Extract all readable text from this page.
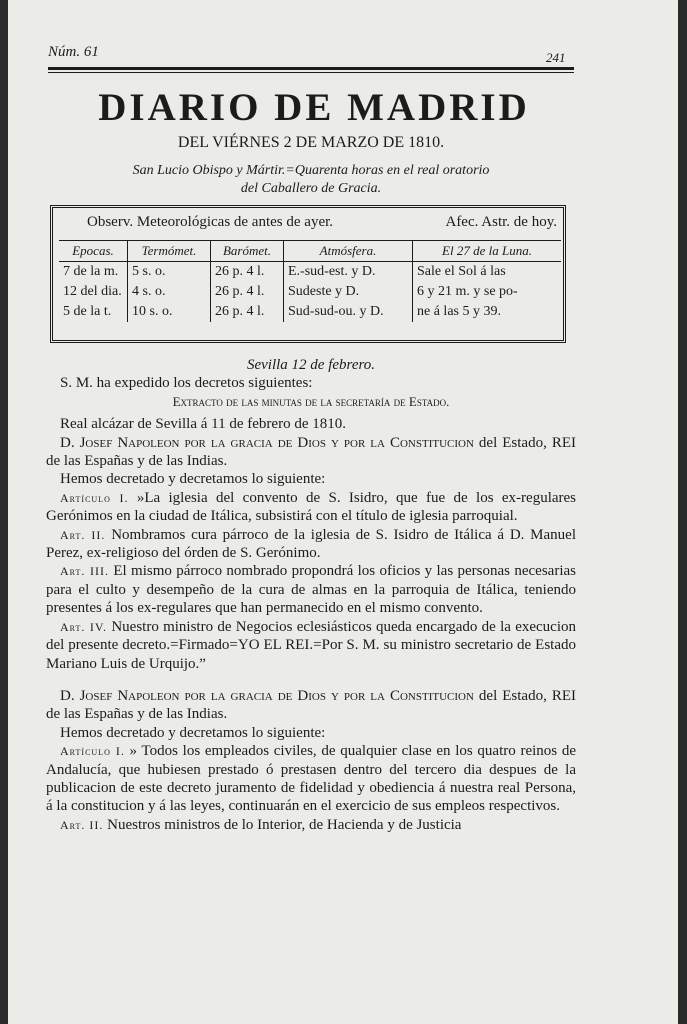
Núm. 61	241
DIARIO DE MADRID
DEL VIÉRNES 2 DE MARZO DE 1810.
San Lucio Obispo y Mártir.=Quarenta horas en el real oratorio
del Caballero de Gracia.
Observ. Meteorológicas de antes de ayer.	Afec. Astr. de hoy.
Epocas.	Termómet.	Barómet.	Atmósfera.	El 27 de la Luna.
7 de la m.	5 s. o.	26 p. 4 l.	E.-sud-est. y D.	Sale el Sol á las
12 del dia.	4 s. o.	26 p. 4 l.	Sudeste y D.	6 y 21 m. y se po-
5 de la t.	10 s. o.	26 p. 4 l.	Sud-sud-ou. y D.	ne á las 5 y 39.

Sevilla 12 de febrero.

S. M. ha expedido los decretos siguientes:

Extracto de las minutas de la secretaría de Estado.

Real alcázar de Sevilla á 11 de febrero de 1810.

D. Josef Napoleon por la gracia de Dios y por la Constitucion del Estado, REI de las Españas y de las Indias.

Hemos decretado y decretamos lo siguiente:

Artículo I. »La iglesia del convento de S. Isidro, que fue de los ex-regulares Gerónimos en la ciudad de Itálica, subsistirá con el título de iglesia parroquial.

Art. II. Nombramos cura párroco de la iglesia de S. Isidro de Itálica á D. Manuel Perez, ex-religioso del órden de S. Gerónimo.

Art. III. El mismo párroco nombrado propondrá los oficios y las personas necesarias para el culto y desempeño de la cura de almas en la parroquia de Itálica, teniendo presentes á los ex-regulares que han permanecido en el mismo convento.

Art. IV. Nuestro ministro de Negocios eclesiásticos queda encargado de la execucion del presente decreto.=Firmado=YO EL REI.=Por S. M. su ministro secretario de Estado Mariano Luis de Urquijo.”

D. Josef Napoleon por la gracia de Dios y por la Constitucion del Estado, REI de las Españas y de las Indias.

Hemos decretado y decretamos lo siguiente:

Artículo I. » Todos los empleados civiles, de qualquier clase en los quatro reinos de Andalucía, que hubiesen prestado ó prestasen dentro del tercero dia despues de la publicacion de este decreto juramento de fidelidad y obediencia á nuestra real Persona, á la constitucion y á las leyes, continuarán en el exercicio de sus empleos respectivos.

Art. II. Nuestros ministros de lo Interior, de Hacienda y de Justicia
